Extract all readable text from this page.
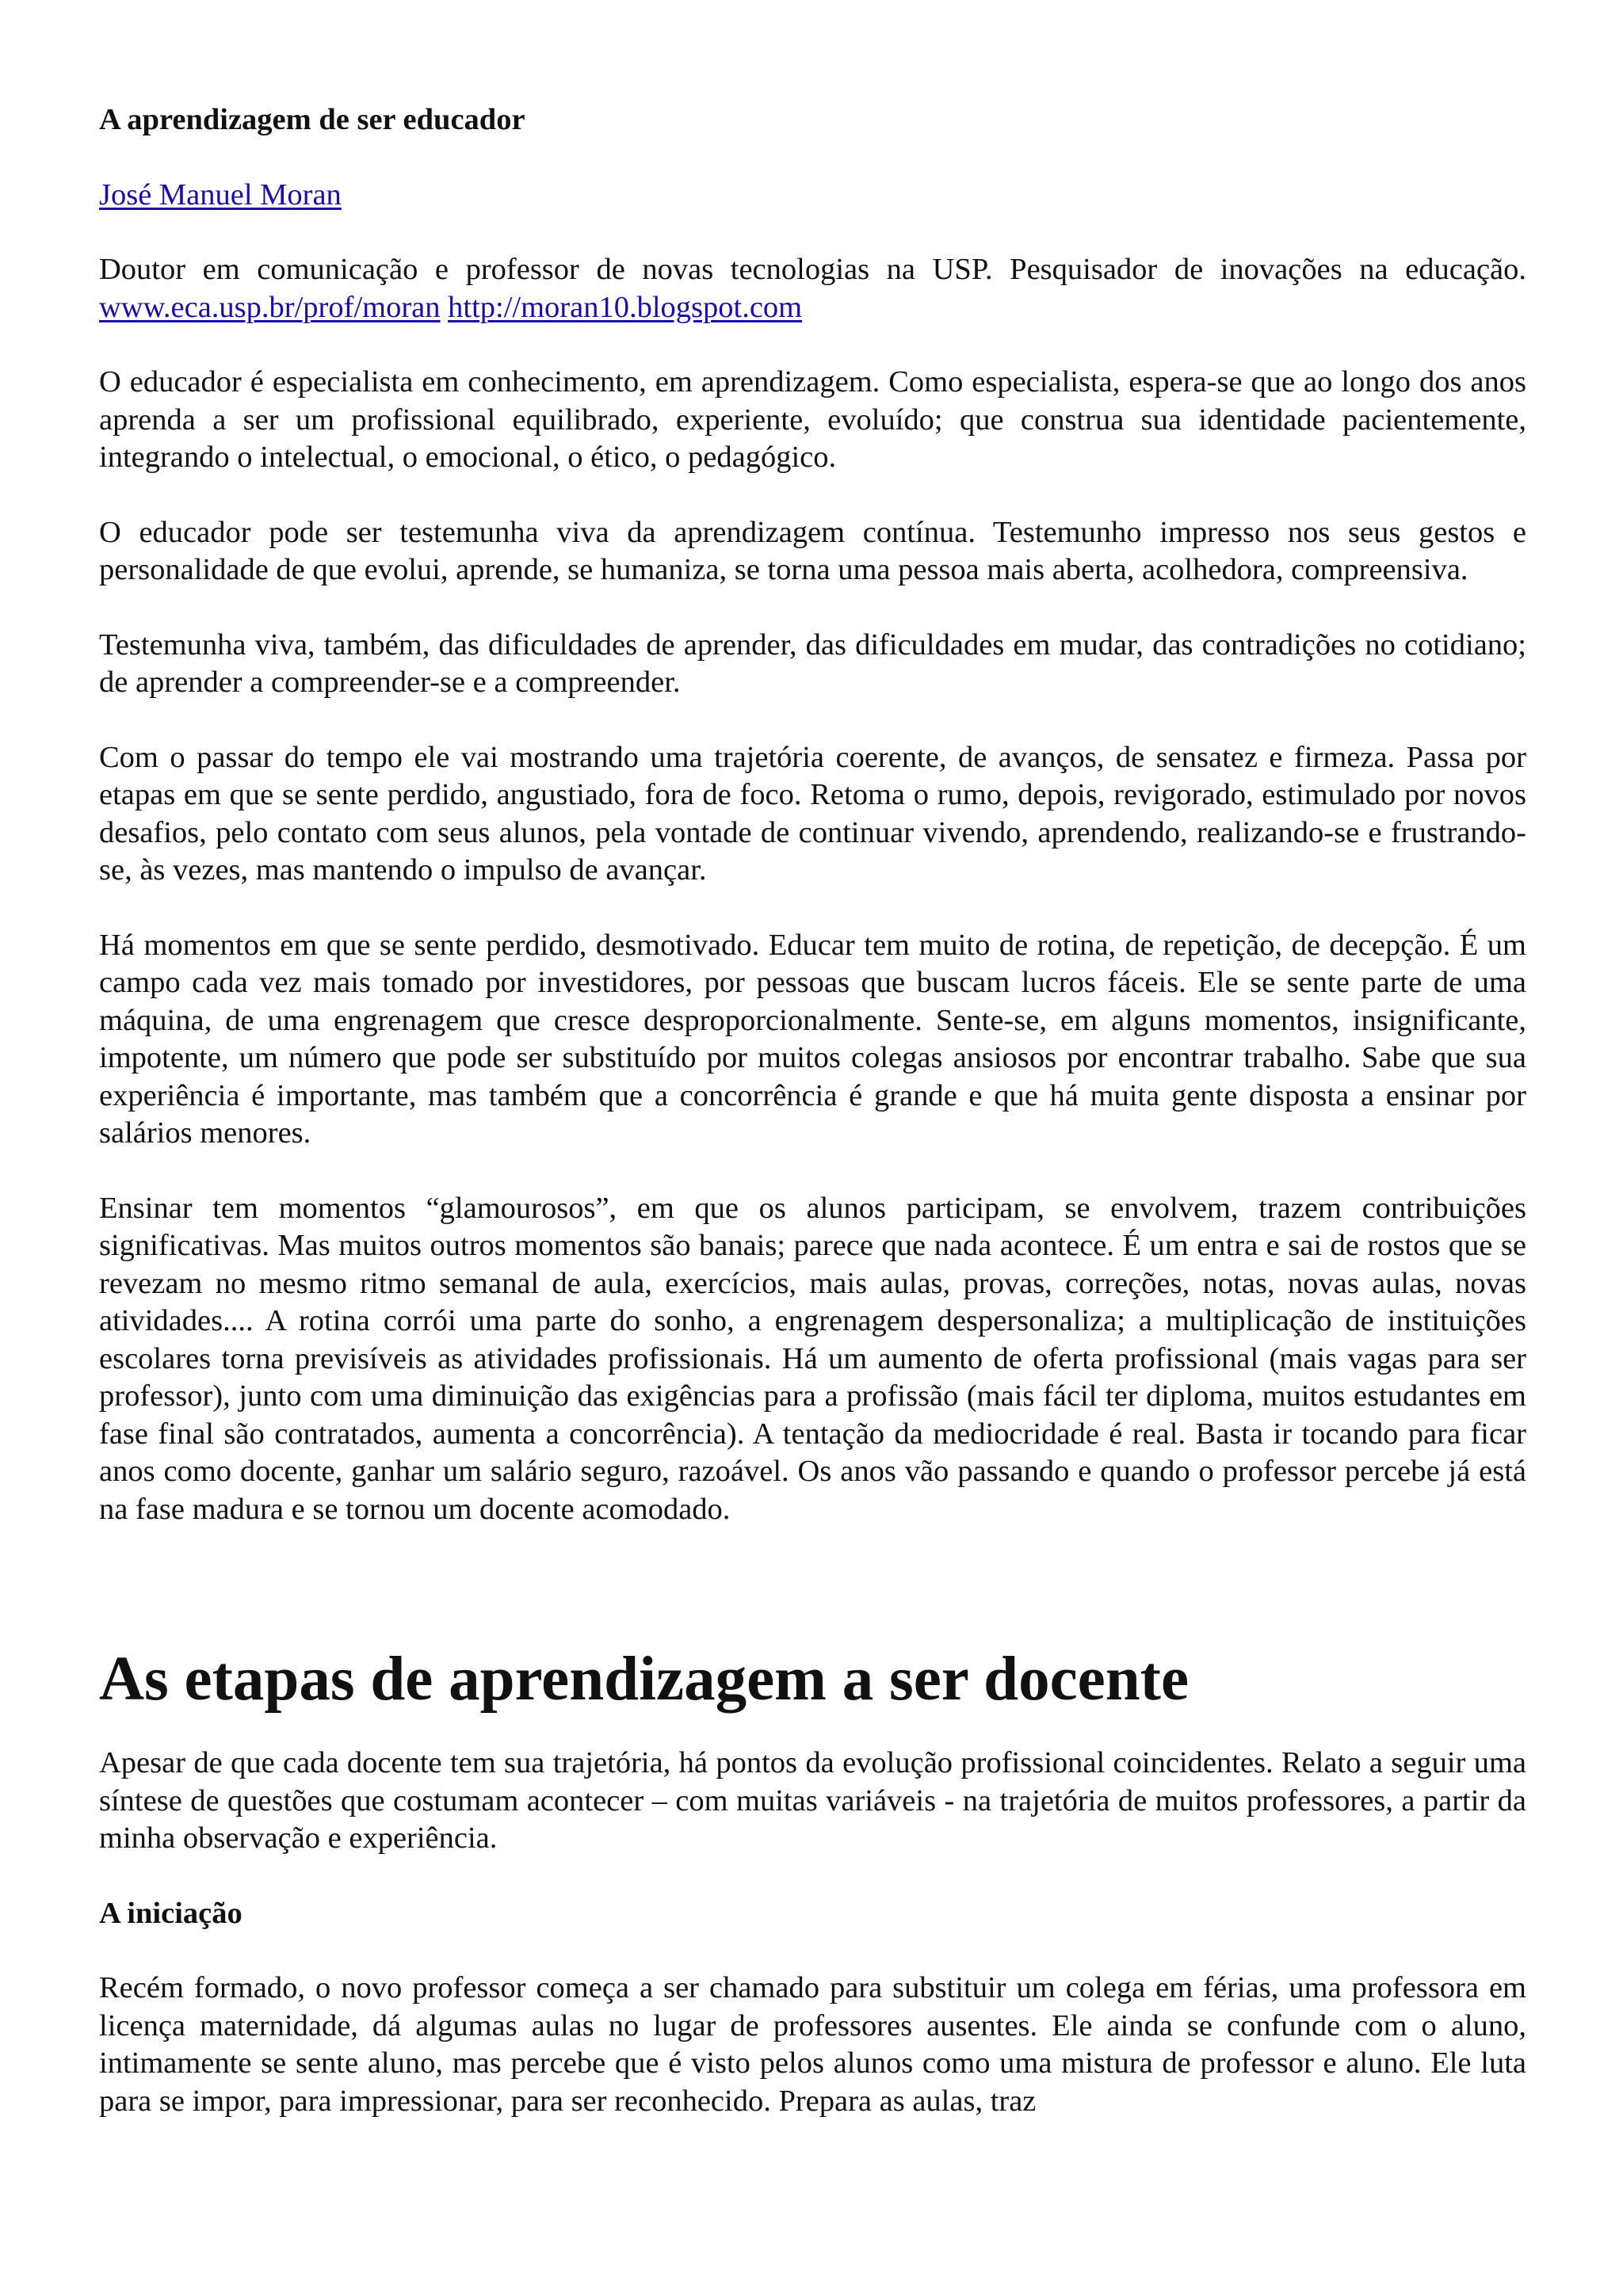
A aprendizagem de ser educador
José Manuel Moran

Doutor em comunicação e professor de novas tecnologias na USP. Pesquisador de inovações na educação. www.eca.usp.br/prof/moran http://moran10.blogspot.com

O educador é especialista em conhecimento, em aprendizagem. Como especialista, espera-se que ao longo dos anos aprenda a ser um profissional equilibrado, experiente, evoluído; que construa sua identidade pacientemente, integrando o intelectual, o emocional, o ético, o pedagógico.

O educador pode ser testemunha viva da aprendizagem contínua. Testemunho impresso nos seus gestos e personalidade de que evolui, aprende, se humaniza, se torna uma pessoa mais aberta, acolhedora, compreensiva.

Testemunha viva, também, das dificuldades de aprender, das dificuldades em mudar, das contradições no cotidiano; de aprender a compreender-se e a compreender.

Com o passar do tempo ele vai mostrando uma trajetória coerente, de avanços, de sensatez e firmeza. Passa por etapas em que se sente perdido, angustiado, fora de foco. Retoma o rumo, depois, revigorado, estimulado por novos desafios, pelo contato com seus alunos, pela vontade de continuar vivendo, aprendendo, realizando-se e frustrando-se, às vezes, mas mantendo o impulso de avançar.

Há momentos em que se sente perdido, desmotivado. Educar tem muito de rotina, de repetição, de decepção. É um campo cada vez mais tomado por investidores, por pessoas que buscam lucros fáceis. Ele se sente parte de uma máquina, de uma engrenagem que cresce desproporcionalmente. Sente-se, em alguns momentos, insignificante, impotente, um número que pode ser substituído por muitos colegas ansiosos por encontrar trabalho. Sabe que sua experiência é importante, mas também que a concorrência é grande e que há muita gente disposta a ensinar por salários menores.

Ensinar tem momentos “glamourosos”, em que os alunos participam, se envolvem, trazem contribuições significativas. Mas muitos outros momentos são banais; parece que nada acontece. É um entra e sai de rostos que se revezam no mesmo ritmo semanal de aula, exercícios, mais aulas, provas, correções, notas, novas aulas, novas atividades.... A rotina corrói uma parte do sonho, a engrenagem despersonaliza; a multiplicação de instituições escolares torna previsíveis as atividades profissionais. Há um aumento de oferta profissional (mais vagas para ser professor), junto com uma diminuição das exigências para a profissão (mais fácil ter diploma, muitos estudantes em fase final são contratados, aumenta a concorrência). A tentação da mediocridade é real. Basta ir tocando para ficar anos como docente, ganhar um salário seguro, razoável. Os anos vão passando e quando o professor percebe já está na fase madura e se tornou um docente acomodado.

As etapas de aprendizagem a ser docente

Apesar de que cada docente tem sua trajetória, há pontos da evolução profissional coincidentes. Relato a seguir uma síntese de questões que costumam acontecer – com muitas variáveis - na trajetória de muitos professores, a partir da minha observação e experiência.

A iniciação

Recém formado, o novo professor começa a ser chamado para substituir um colega em férias, uma professora em licença maternidade, dá algumas aulas no lugar de professores ausentes. Ele ainda se confunde com o aluno, intimamente se sente aluno, mas percebe que é visto pelos alunos como uma mistura de professor e aluno. Ele luta para se impor, para impressionar, para ser reconhecido. Prepara as aulas, traz
